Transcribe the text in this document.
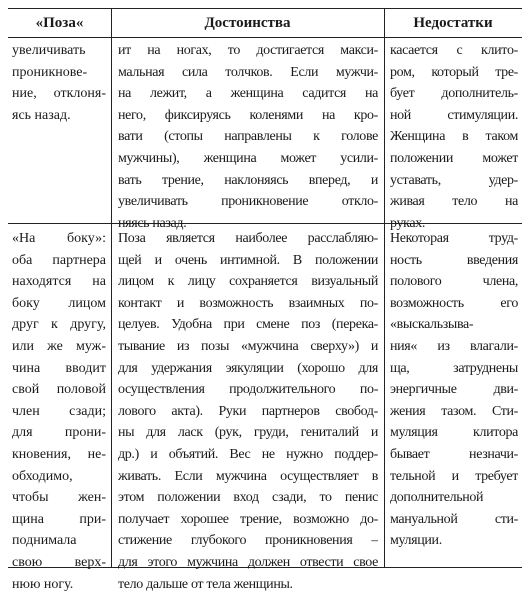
«Поза«	Достоинства	Недостатки
увеличивать
проникнове-
ние, отклоня-
ясь назад.
ит на ногах, то достигается макси-
мальная сила толчков. Если мужчи-
на лежит, а женщина садится на
него, фиксируясь коленями на кро-
вати (стопы направлены к голове
мужчины), женщина может усили-
вать трение, наклоняясь вперед, и
увеличивать проникновение отклo-
няясь назад.
касается с клитo-
ром, который тре-
бует дополнитель-
ной стимуляции.
Женщина в таком
положении может
уставать, удер-
живая тело на
руках.
«На боку»:
оба партнера
находятся на
боку лицом
друг к другу,
или же муж-
чина вводит
свой половой
член сзади;
для прони-
кновения, не-
обходимо,
чтобы жен-
щина при-
поднимала
свою верх-
нюю ногу.
Поза является наиболее расслабляю-
щей и очень интимной. В положении
лицом к лицу сохраняется визуальный
контакт и возможность взаимных по-
целуев. Удобна при смене поз (перека-
тывание из позы «мужчина сверху») и
для удержания эякуляции (хорошо для
осуществления продолжительного по-
лового акта). Руки партнеров свобод-
ны для ласк (рук, груди, гениталий и
др.) и объятий. Вес не нужно поддер-
живать. Если мужчина осуществляет в
этом положении вход сзади, то пенис
получает хорошее трение, возможно до-
стижение глубокого проникновения –
для этого мужчина должен отвести свое
тело дальше от тела женщины.
Некоторая труд-
ность введения
полового члена,
возможность его
«выскальзыва-
ния« из влагали-
ща, затруднены
энергичные дви-
жения тазом. Сти-
муляция клитора
бывает незначи-
тельной и требует
дополнительной
мануальной сти-
муляции.
